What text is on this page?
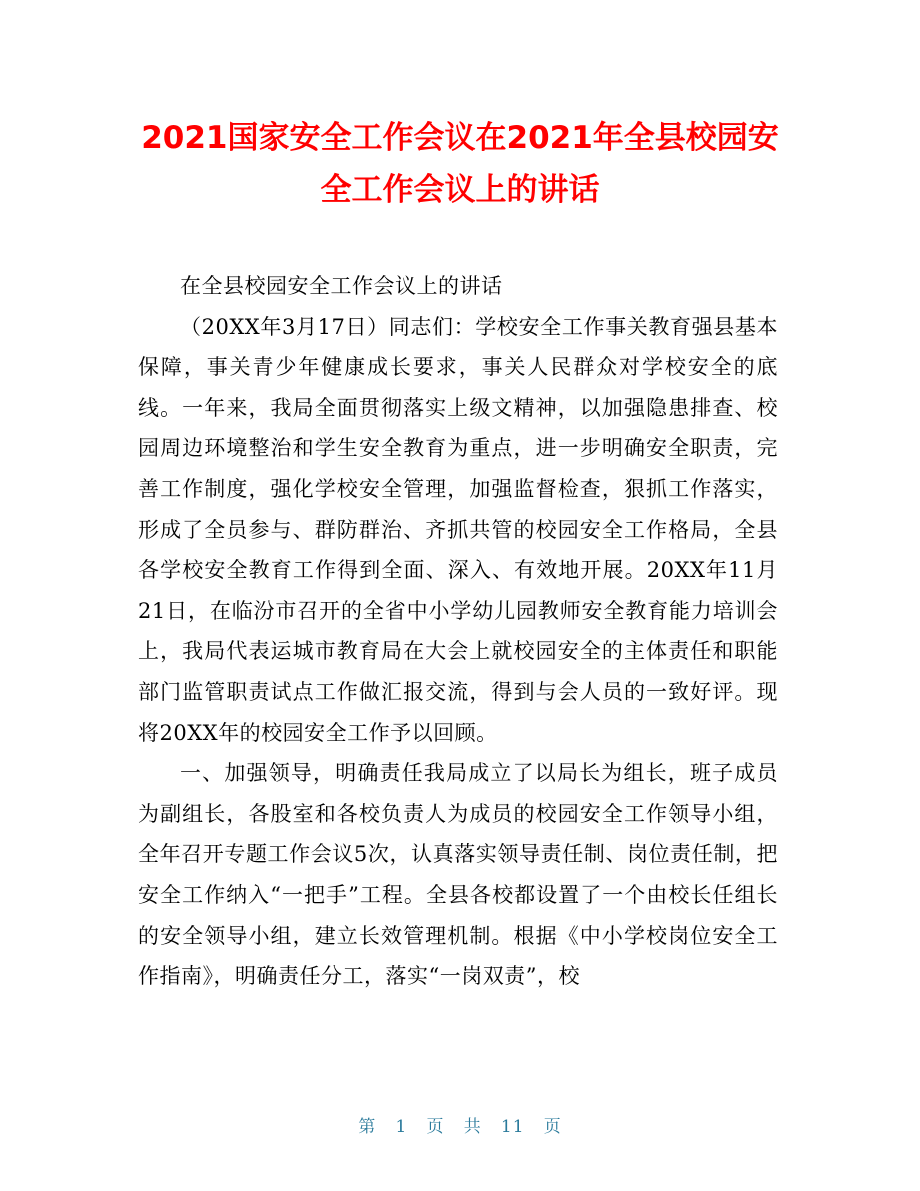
2021国家安全工作会议在2021年全县校园安全工作会议上的讲话

在全县校园安全工作会议上的讲话

（20XX年3月17日）同志们：学校安全工作事关教育强县基本保障，事关青少年健康成长要求，事关人民群众对学校安全的底线。一年来，我局全面贯彻落实上级文精神，以加强隐患排查、校园周边环境整治和学生安全教育为重点，进一步明确安全职责，完善工作制度，强化学校安全管理，加强监督检查，狠抓工作落实，形成了全员参与、群防群治、齐抓共管的校园安全工作格局，全县各学校安全教育工作得到全面、深入、有效地开展。20XX年11月21日，在临汾市召开的全省中小学幼儿园教师安全教育能力培训会上，我局代表运城市教育局在大会上就校园安全的主体责任和职能部门监管职责试点工作做汇报交流，得到与会人员的一致好评。现将20XX年的校园安全工作予以回顾。

一、加强领导，明确责任我局成立了以局长为组长，班子成员为副组长，各股室和各校负责人为成员的校园安全工作领导小组，全年召开专题工作会议5次，认真落实领导责任制、岗位责任制，把安全工作纳入“一把手”工程。全县各校都设置了一个由校长任组长的安全领导小组，建立长效管理机制。根据《中小学校岗位安全工作指南》，明确责任分工，落实“一岗双责”，校

第 1 页 共 11 页
